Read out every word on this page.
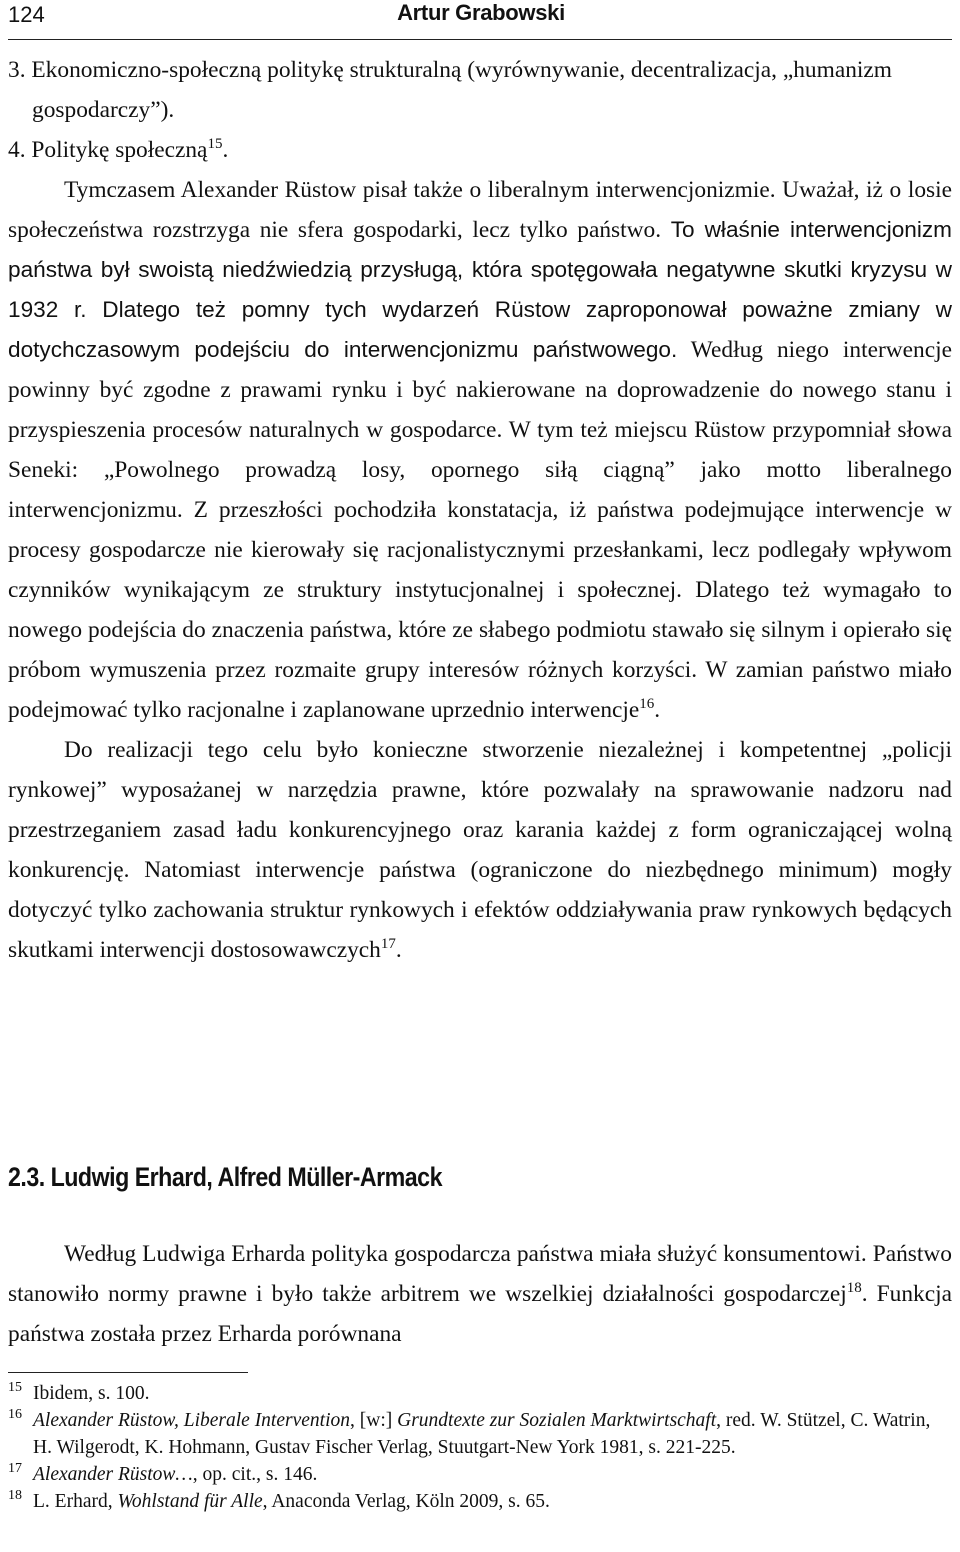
124	Artur Grabowski

3. Ekonomiczno-społeczną politykę strukturalną (wyrównywanie, decentralizacja, „humanizm gospodarczy”).

4. Politykę społeczną$^{15}$.

Tymczasem Alexander Rüstow pisał także o liberalnym interwencjonizmie. Uważał, iż o losie społeczeństwa rozstrzyga nie sfera gospodarki, lecz tylko państwo. To właśnie interwencjonizm państwa był swoistą niedźwiedzią przysługą, która spotęgowała negatywne skutki kryzysu w 1932 r. Dlatego też pomny tych wydarzeń Rüstow zaproponował poważne zmiany w dotychczasowym podejściu do interwencjonizmu państwowego. Według niego interwencje powinny być zgodne z prawami rynku i być nakierowane na doprowadzenie do nowego stanu i przyspieszenia procesów naturalnych w gospodarce. W tym też miejscu Rüstow przypomniał słowa Seneki: „Powolnego prowadzą losy, opornego siłą ciągną” jako motto liberalnego interwencjonizmu. Z przeszłości pochodziła konstatacja, iż państwa podejmujące interwencje w procesy gospodarcze nie kierowały się racjonalistycznymi przesłankami, lecz podlegały wpływom czynników wynikającym ze struktury instytucjonalnej i społecznej. Dlatego też wymagało to nowego podejścia do znaczenia państwa, które ze słabego podmiotu stawało się silnym i opierało się próbom wymuszenia przez rozmaite grupy interesów różnych korzyści. W zamian państwo miało podejmować tylko racjonalne i zaplanowane uprzednio interwencje$^{16}$.

Do realizacji tego celu było konieczne stworzenie niezależnej i kompetentnej „policji rynkowej” wyposażanej w narzędzia prawne, które pozwalały na sprawowanie nadzoru nad przestrzeganiem zasad ładu konkurencyjnego oraz karania każdej z form ograniczającej wolną konkurencję. Natomiast interwencje państwa (ograniczone do niezbędnego minimum) mogły dotyczyć tylko zachowania struktur rynkowych i efektów oddziaływania praw rynkowych będących skutkami interwencji dostosowawczych$^{17}$.

2.3. Ludwig Erhard, Alfred Müller-Armack

Według Ludwiga Erharda polityka gospodarcza państwa miała służyć konsumentowi. Państwo stanowiło normy prawne i było także arbitrem we wszelkiej działalności gospodarczej$^{18}$. Funkcja państwa została przez Erharda porównana

15 Ibidem, s. 100.
16 Alexander Rüstow, Liberale Intervention, [w:] Grundtexte zur Sozialen Marktwirtschaft, red. W. Stützel, C. Watrin, H. Wilgerodt, K. Hohmann, Gustav Fischer Verlag, Stuutgart-New York 1981, s. 221-225.
17 Alexander Rüstow…, op. cit., s. 146.
18 L. Erhard, Wohlstand für Alle, Anaconda Verlag, Köln 2009, s. 65.
